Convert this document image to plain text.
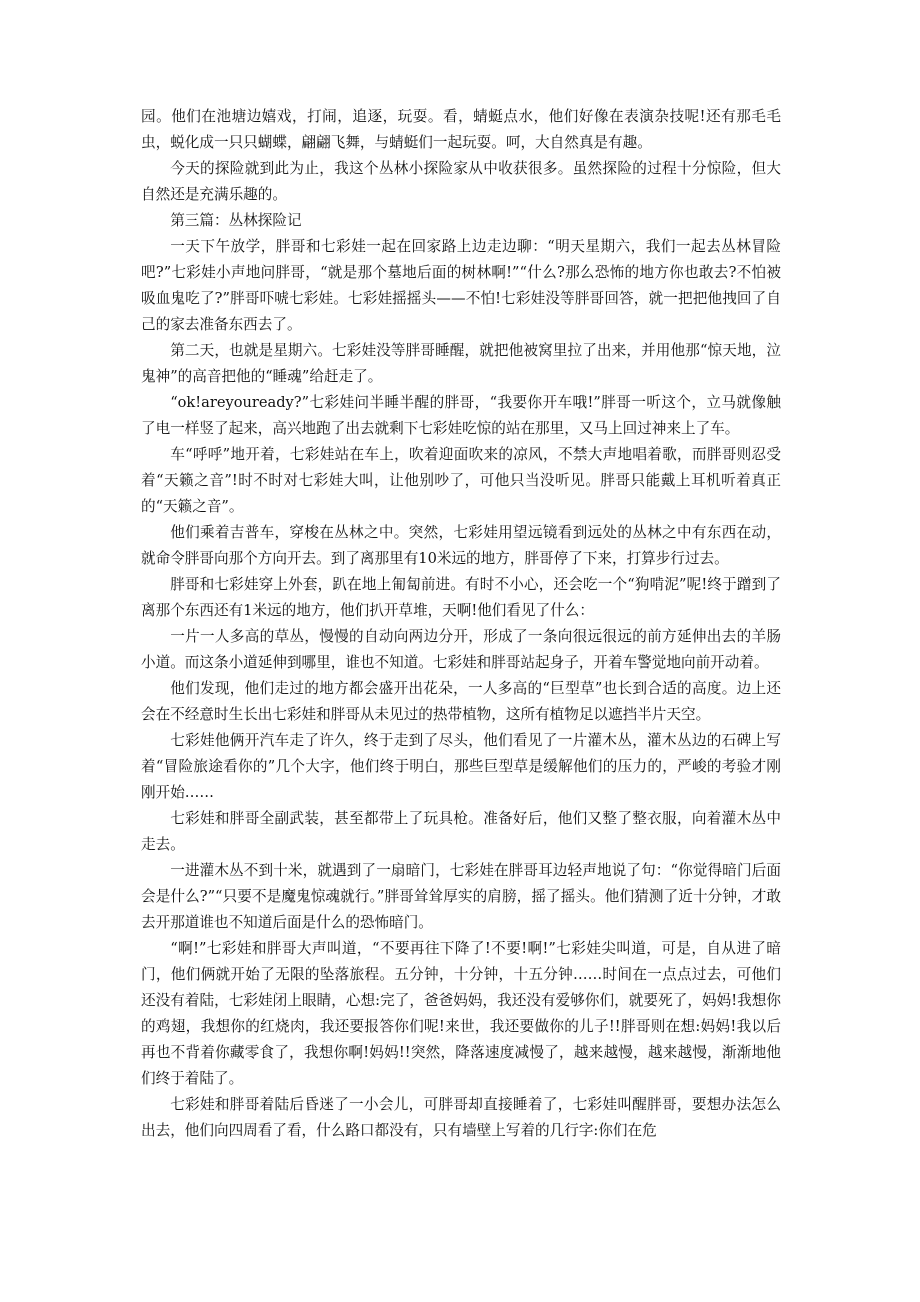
园。他们在池塘边嬉戏，打闹，追逐，玩耍。看，蜻蜓点水，他们好像在表演杂技呢!还有那毛毛虫，蜕化成一只只蝴蝶，翩翩飞舞，与蜻蜓们一起玩耍。呵，大自然真是有趣。

今天的探险就到此为止，我这个丛林小探险家从中收获很多。虽然探险的过程十分惊险，但大自然还是充满乐趣的。

第三篇：丛林探险记

一天下午放学，胖哥和七彩娃一起在回家路上边走边聊：“明天星期六，我们一起去丛林冒险吧?”七彩娃小声地问胖哥，“就是那个墓地后面的树林啊!”“什么?那么恐怖的地方你也敢去?不怕被吸血鬼吃了?”胖哥吓唬七彩娃。七彩娃摇摇头——不怕!七彩娃没等胖哥回答，就一把把他拽回了自己的家去准备东西去了。

第二天，也就是星期六。七彩娃没等胖哥睡醒，就把他被窝里拉了出来，并用他那“惊天地，泣鬼神”的高音把他的“睡魂”给赶走了。

“ok!areyouready?”七彩娃问半睡半醒的胖哥，“我要你开车哦!”胖哥一听这个，立马就像触了电一样竖了起来，高兴地跑了出去就剩下七彩娃吃惊的站在那里，又马上回过神来上了车。

车“呼呼”地开着，七彩娃站在车上，吹着迎面吹来的凉风，不禁大声地唱着歌，而胖哥则忍受着“天籁之音”!时不时对七彩娃大叫，让他别吵了，可他只当没听见。胖哥只能戴上耳机听着真正的“天籁之音”。

他们乘着吉普车，穿梭在丛林之中。突然，七彩娃用望远镜看到远处的丛林之中有东西在动，就命令胖哥向那个方向开去。到了离那里有10米远的地方，胖哥停了下来，打算步行过去。

胖哥和七彩娃穿上外套，趴在地上匍匐前进。有时不小心，还会吃一个“狗啃泥”呢!终于蹭到了离那个东西还有1米远的地方，他们扒开草堆，天啊!他们看见了什么：

一片一人多高的草丛，慢慢的自动向两边分开，形成了一条向很远很远的前方延伸出去的羊肠小道。而这条小道延伸到哪里，谁也不知道。七彩娃和胖哥站起身子，开着车警觉地向前开动着。

他们发现，他们走过的地方都会盛开出花朵，一人多高的“巨型草”也长到合适的高度。边上还会在不经意时生长出七彩娃和胖哥从未见过的热带植物，这所有植物足以遮挡半片天空。

七彩娃他俩开汽车走了许久，终于走到了尽头，他们看见了一片灌木丛，灌木丛边的石碑上写着“冒险旅途看你的”几个大字，他们终于明白，那些巨型草是缓解他们的压力的，严峻的考验才刚刚开始……

七彩娃和胖哥全副武装，甚至都带上了玩具枪。准备好后，他们又整了整衣服，向着灌木丛中走去。

一进灌木丛不到十米，就遇到了一扇暗门，七彩娃在胖哥耳边轻声地说了句：“你觉得暗门后面会是什么?”“只要不是魔鬼惊魂就行。”胖哥耸耸厚实的肩膀，摇了摇头。他们猜测了近十分钟，才敢去开那道谁也不知道后面是什么的恐怖暗门。

“啊!”七彩娃和胖哥大声叫道，“不要再往下降了!不要!啊!”七彩娃尖叫道，可是，自从进了暗门，他们俩就开始了无限的坠落旅程。五分钟，十分钟，十五分钟……时间在一点点过去，可他们还没有着陆，七彩娃闭上眼睛，心想:完了，爸爸妈妈，我还没有爱够你们，就要死了，妈妈!我想你的鸡翅，我想你的红烧肉，我还要报答你们呢!来世，我还要做你的儿子!!胖哥则在想:妈妈!我以后再也不背着你藏零食了，我想你啊!妈妈!!突然，降落速度减慢了，越来越慢，越来越慢，渐渐地他们终于着陆了。

七彩娃和胖哥着陆后昏迷了一小会儿，可胖哥却直接睡着了，七彩娃叫醒胖哥，要想办法怎么出去，他们向四周看了看，什么路口都没有，只有墙壁上写着的几行字:你们在危
